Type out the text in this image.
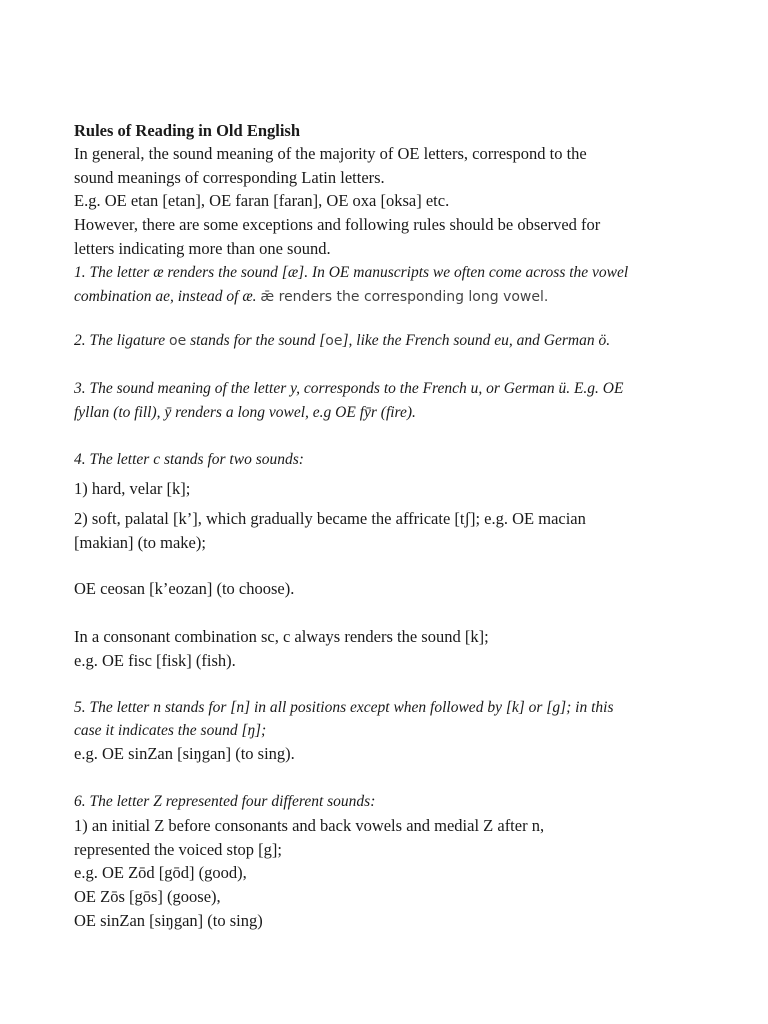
Rules of Reading in Old English
In general, the sound meaning of the majority of OE letters, correspond to the
sound meanings of corresponding Latin letters.
E.g. OE etan [etan], OE faran [faran], OE oxa [oksa] etc.
However, there are some exceptions and following rules should be observed for
letters indicating more than one sound.
1. The letter æ renders the sound [æ]. In OE manuscripts we often come across the vowel
combination ae, instead of æ. ǣ renders the corresponding long vowel.
2. The ligature oe stands for the sound [oe], like the French sound eu, and German ö.
3. The sound meaning of the letter y, corresponds to the French u, or German ü. E.g. OE
fyllan (to fill), ȳ renders a long vowel, e.g OE fȳr (fire).
4. The letter c stands for two sounds:
1) hard, velar [k];
2) soft, palatal [k’], which gradually became the affricate [tʃ]; e.g. OE macian
[makian] (to make);
OE ceosan [k’eozan] (to choose).
In a consonant combination sc, c always renders the sound [k];
e.g. OE fisc [fisk] (fish).
5. The letter n stands for [n] in all positions except when followed by [k] or [g]; in this
case it indicates the sound [ŋ];
e.g. OE sinZan [siŋgan] (to sing).
6. The letter Z represented four different sounds:
1) an initial Z before consonants and back vowels and medial Z after n,
represented the voiced stop [g];
e.g. OE Zōd [gōd] (good),
OE Zōs [gōs] (goose),
OE sinZan [siŋgan] (to sing)
